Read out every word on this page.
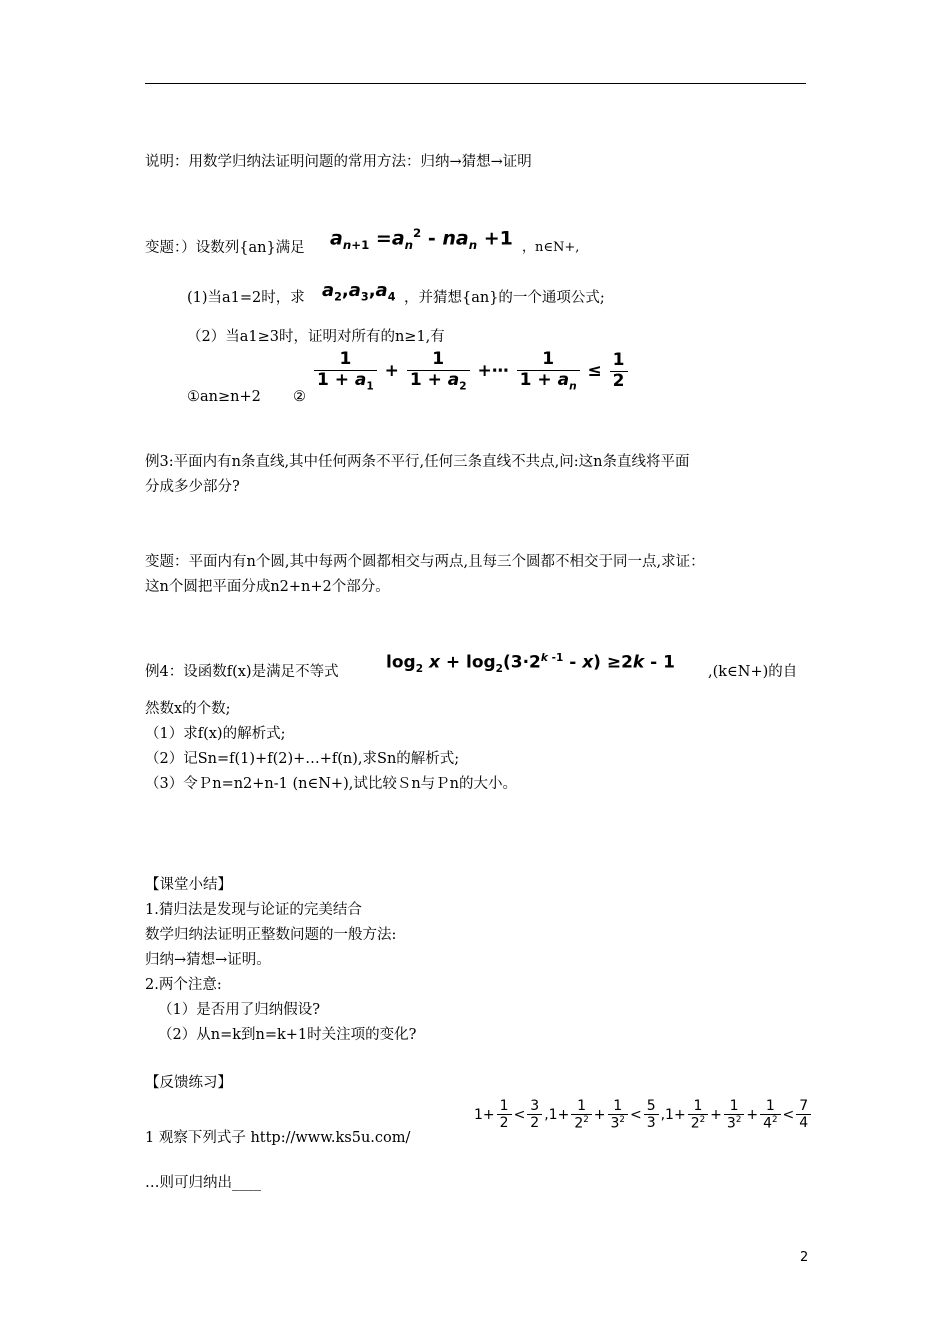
说明：用数学归纳法证明问题的常用方法：归纳→猜想→证明
变题：）设数列{an}满足 $a_{n+1} =a_n^2 - na_n +1$ ，n∈N+,
(1)当a1=2时，求 $a_2,a_3,a_4$ ，并猜想{an}的一个通项公式;
（2）当a1≥3时，证明对所有的n≥1,有
①an≥n+2 ②
$\frac{1}{1 + a_1} + \frac{1}{1 + a_2}$ +⋯ $\frac{1}{1 + a_n} \le \frac{1}{2}$
例3:平面内有n条直线,其中任何两条不平行,任何三条直线不共点,问:这n条直线将平面
分成多少部分?
变题：平面内有n个圆,其中每两个圆都相交与两点,且每三个圆都不相交于同一点,求证：
这n个圆把平面分成n2+n+2个部分。
例4：设函数f(x)是满足不等式	$\log_2 x + \log_2(3\cdot 2^{k -1} - x) \ge 2k - 1$ ,(k∈N+)的自
然数x的个数;
（1）求f(x)的解析式;
（2）记Sn=f(1)+f(2)+…+f(n),求Sn的解析式;
（3）令Ｐn=n2+n-1 (n∈N+),试比较Ｓn与Ｐn的大小。
【课堂小结】
1.猜归法是发现与论证的完美结合
数学归纳法证明正整数问题的一般方法:
归纳→猜想→证明。
2.两个注意:
（1）是否用了归纳假设?
（2）从n=k到n=k+1时关注项的变化?
【反馈练习】
1 观察下列式子 http://www.ks5u.com/
$1+ \frac{1}{2} < \frac{3}{2} ,1+ \frac{1}{2^2} + \frac{1}{3^2} < \frac{5}{3} ,1+ \frac{1}{2^2} + \frac{1}{3^2} + \frac{1}{4^2} < \frac{7}{4}$
…则可归纳出____
2
